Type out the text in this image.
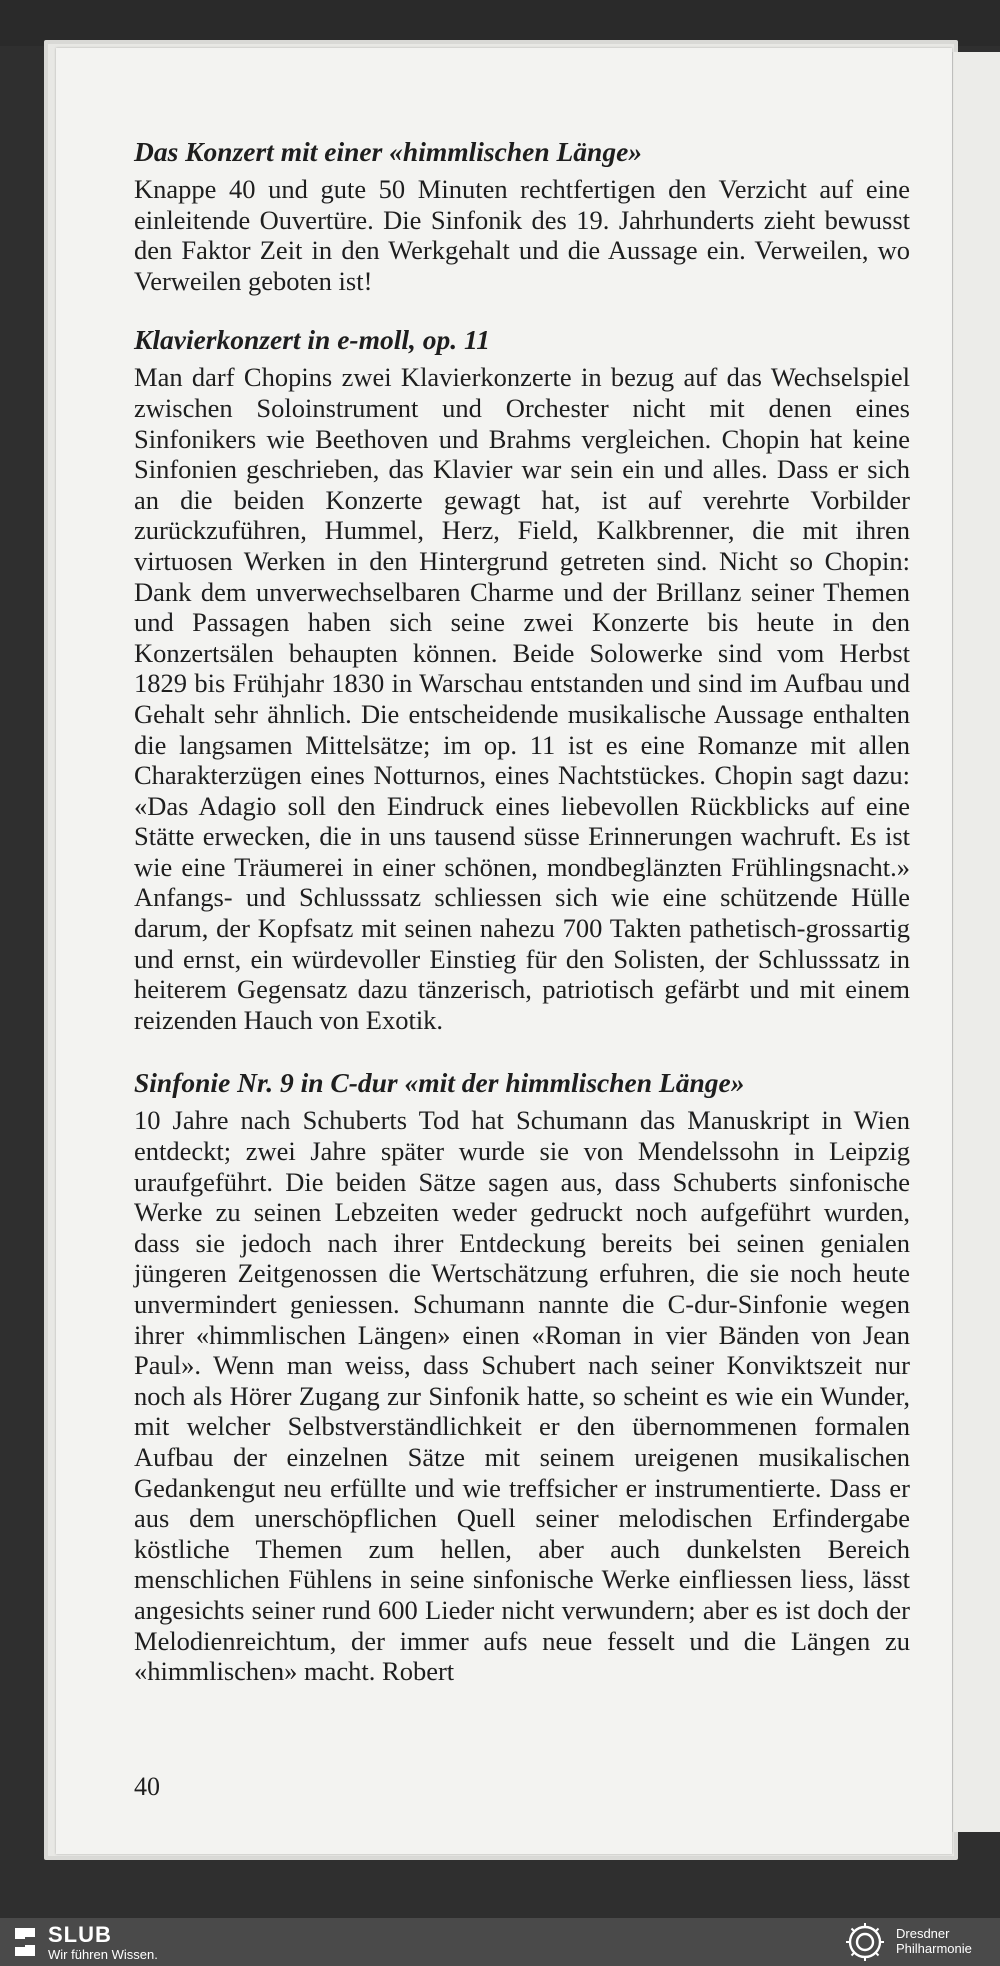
Das Konzert mit einer «himmlischen Länge»

Knappe 40 und gute 50 Minuten rechtfertigen den Verzicht auf eine einleitende Ouvertüre. Die Sinfonik des 19. Jahrhunderts zieht bewusst den Faktor Zeit in den Werkgehalt und die Aussage ein. Verweilen, wo Verweilen geboten ist!

Klavierkonzert in e-moll, op. 11

Man darf Chopins zwei Klavierkonzerte in bezug auf das Wechselspiel zwischen Soloinstrument und Orchester nicht mit denen eines Sinfonikers wie Beethoven und Brahms vergleichen. Chopin hat keine Sinfonien geschrieben, das Klavier war sein ein und alles. Dass er sich an die beiden Konzerte gewagt hat, ist auf verehrte Vorbilder zurückzuführen, Hummel, Herz, Field, Kalkbrenner, die mit ihren virtuosen Werken in den Hintergrund getreten sind. Nicht so Chopin: Dank dem unverwechselbaren Charme und der Brillanz seiner Themen und Passagen haben sich seine zwei Konzerte bis heute in den Konzertsälen behaupten können. Beide Solowerke sind vom Herbst 1829 bis Frühjahr 1830 in Warschau entstanden und sind im Aufbau und Gehalt sehr ähnlich. Die entscheidende musikalische Aussage enthalten die langsamen Mittelsätze; im op. 11 ist es eine Romanze mit allen Charakterzügen eines Notturnos, eines Nachtstückes. Chopin sagt dazu: «Das Adagio soll den Eindruck eines liebevollen Rückblicks auf eine Stätte erwecken, die in uns tausend süsse Erinnerungen wachruft. Es ist wie eine Träumerei in einer schönen, mondbeglänzten Frühlingsnacht.» Anfangs- und Schlusssatz schliessen sich wie eine schützende Hülle darum, der Kopfsatz mit seinen nahezu 700 Takten pathetisch-grossartig und ernst, ein würdevoller Einstieg für den Solisten, der Schlusssatz in heiterem Gegensatz dazu tänzerisch, patriotisch gefärbt und mit einem reizenden Hauch von Exotik.

Sinfonie Nr. 9 in C-dur «mit der himmlischen Länge»

10 Jahre nach Schuberts Tod hat Schumann das Manuskript in Wien entdeckt; zwei Jahre später wurde sie von Mendelssohn in Leipzig uraufgeführt. Die beiden Sätze sagen aus, dass Schuberts sinfonische Werke zu seinen Lebzeiten weder gedruckt noch aufgeführt wurden, dass sie jedoch nach ihrer Entdeckung bereits bei seinen genialen jüngeren Zeitgenossen die Wertschätzung erfuhren, die sie noch heute unvermindert geniessen. Schumann nannte die C-dur-Sinfonie wegen ihrer «himmlischen Längen» einen «Roman in vier Bänden von Jean Paul». Wenn man weiss, dass Schubert nach seiner Konviktszeit nur noch als Hörer Zugang zur Sinfonik hatte, so scheint es wie ein Wunder, mit welcher Selbstverständlichkeit er den übernommenen formalen Aufbau der einzelnen Sätze mit seinem ureigenen musikalischen Gedankengut neu erfüllte und wie treffsicher er instrumentierte. Dass er aus dem unerschöpflichen Quell seiner melodischen Erfindergabe köstliche Themen zum hellen, aber auch dunkelsten Bereich menschlichen Fühlens in seine sinfonische Werke einfliessen liess, lässt angesichts seiner rund 600 Lieder nicht verwundern; aber es ist doch der Melodienreichtum, der immer aufs neue fesselt und die Längen zu «himmlischen» macht. Robert

40
SLUB
Wir führen Wissen.
Dresdner
Philharmonie
